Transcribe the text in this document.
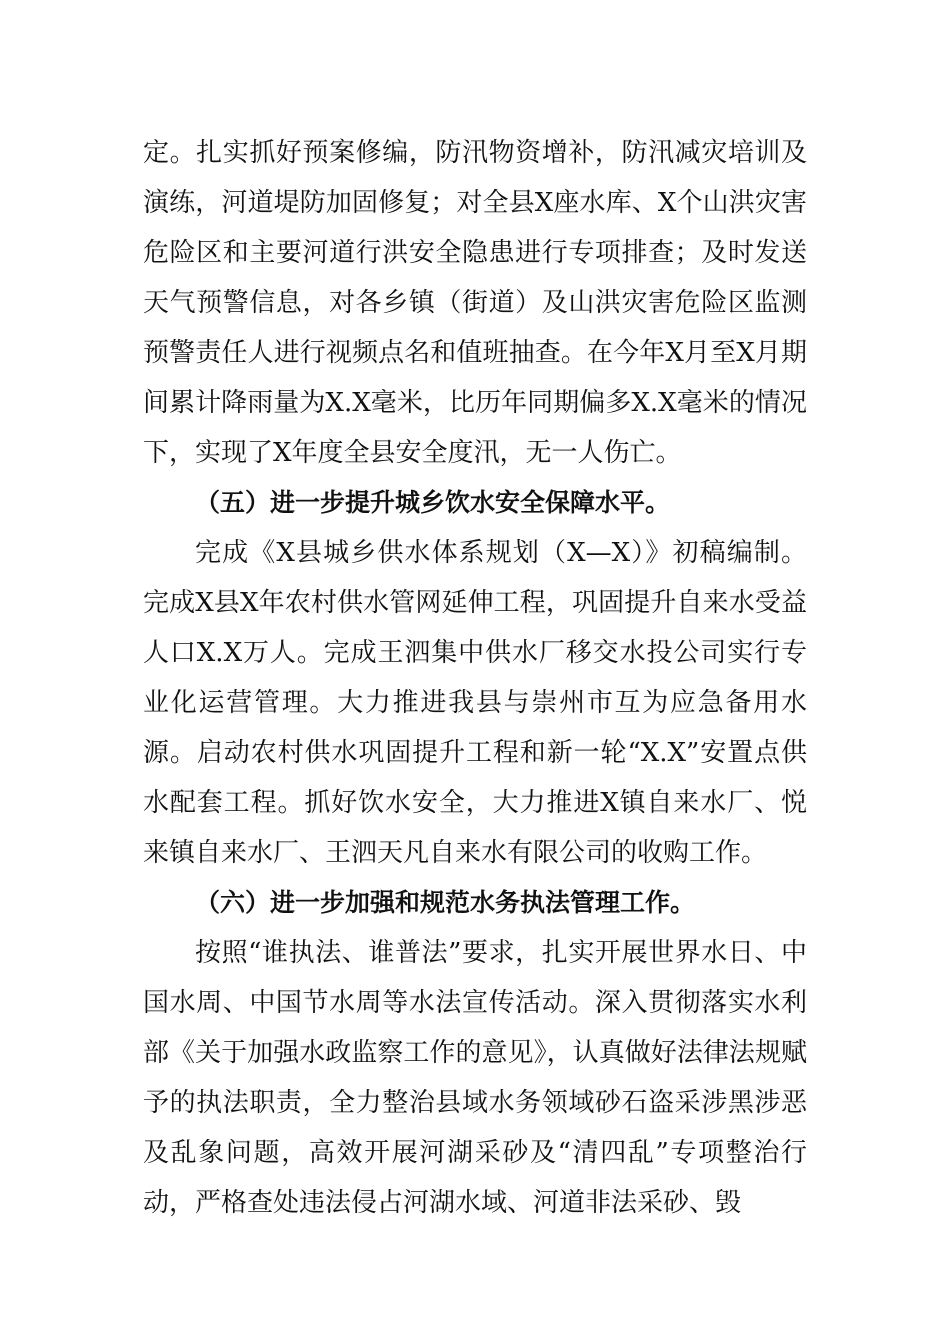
定。扎实抓好预案修编，防汛物资增补，防汛减灾培训及演练，河道堤防加固修复；对全县X座水库、X个山洪灾害危险区和主要河道行洪安全隐患进行专项排查；及时发送天气预警信息，对各乡镇（街道）及山洪灾害危险区监测预警责任人进行视频点名和值班抽查。在今年X月至X月期间累计降雨量为X.X毫米，比历年同期偏多X.X毫米的情况下，实现了X年度全县安全度汛，无一人伤亡。

（五）进一步提升城乡饮水安全保障水平。

完成《X县城乡供水体系规划（X—X）》初稿编制。完成X县X年农村供水管网延伸工程，巩固提升自来水受益人口X.X万人。完成王泗集中供水厂移交水投公司实行专业化运营管理。大力推进我县与崇州市互为应急备用水源。启动农村供水巩固提升工程和新一轮“X.X”安置点供水配套工程。抓好饮水安全，大力推进X镇自来水厂、悦来镇自来水厂、王泗天凡自来水有限公司的收购工作。

（六）进一步加强和规范水务执法管理工作。

按照“谁执法、谁普法”要求，扎实开展世界水日、中国水周、中国节水周等水法宣传活动。深入贯彻落实水利部《关于加强水政监察工作的意见》，认真做好法律法规赋予的执法职责，全力整治县域水务领域砂石盗采涉黑涉恶及乱象问题，高效开展河湖采砂及“清四乱”专项整治行动，严格查处违法侵占河湖水域、河道非法采砂、毁
